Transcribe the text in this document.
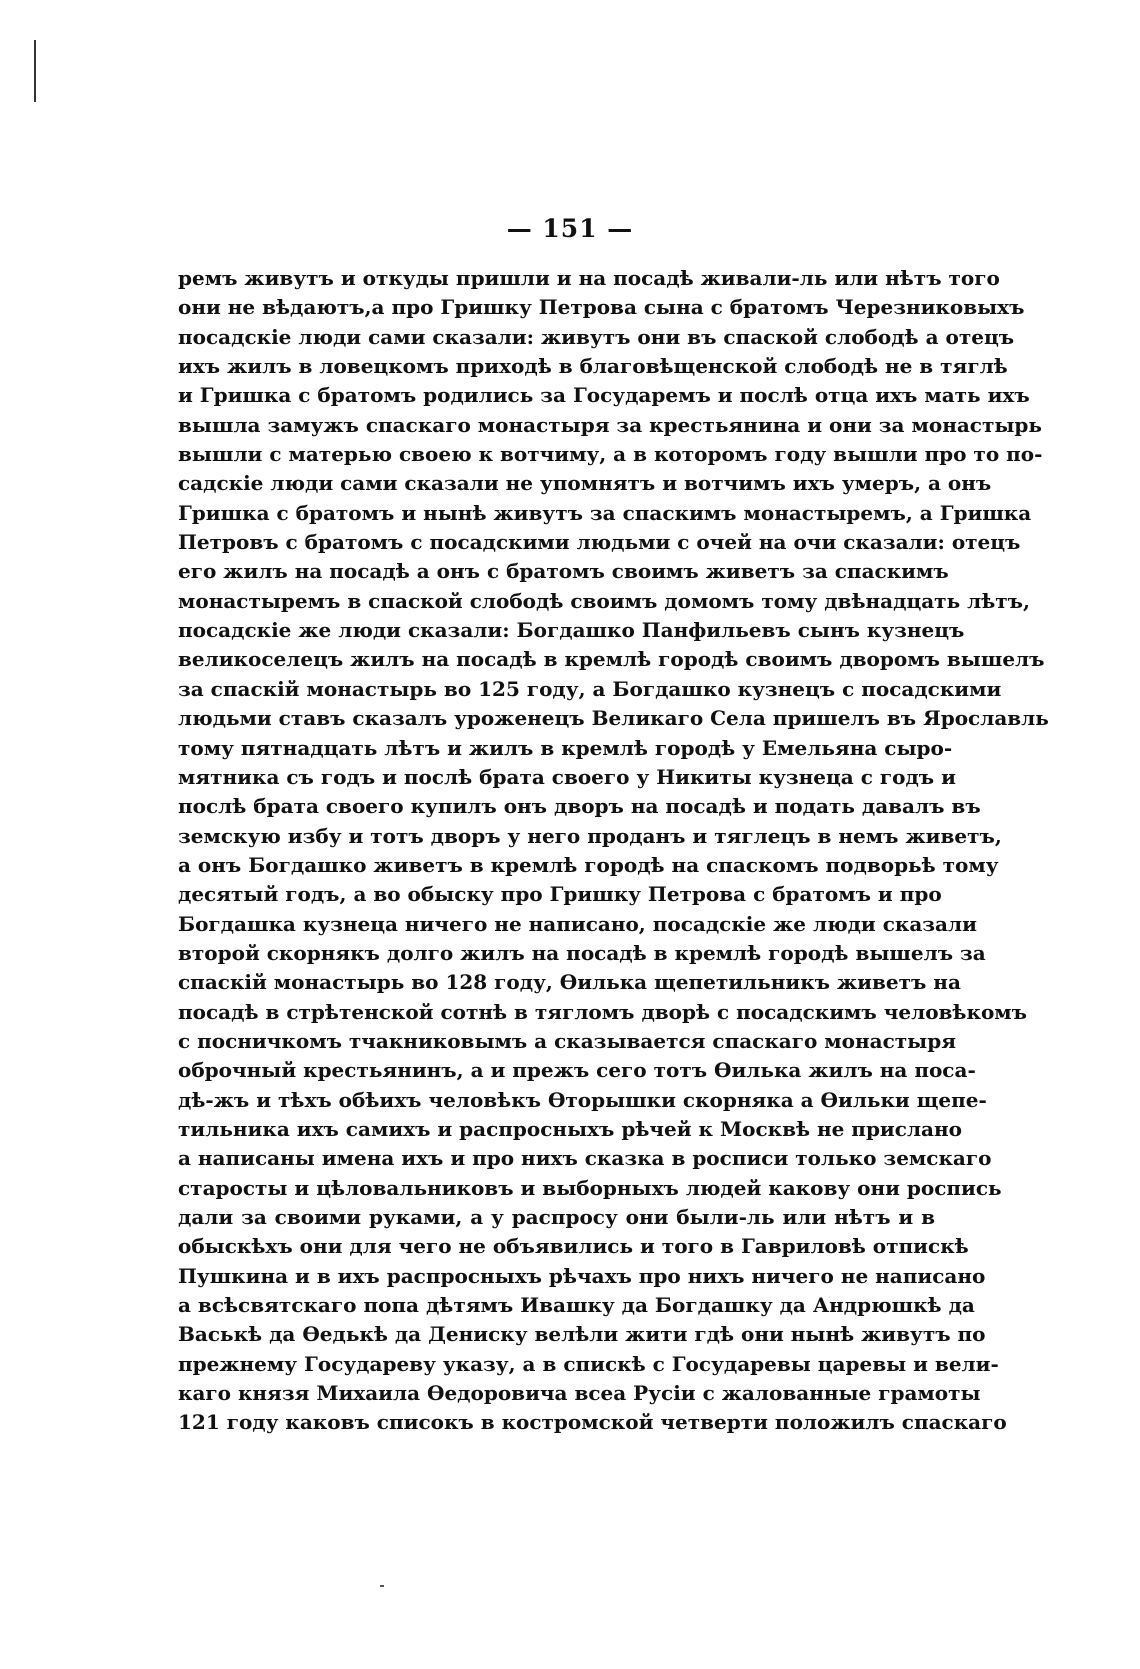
— 151 —
ремъ живутъ и откуды пришли и на посадѣ живали-ль или нѣтъ того
они не вѣдаютъ,а про Гришку Петрова сына с братомъ Черезниковыхъ
посадскіе люди сами сказали: живутъ они въ спаской слободѣ а отецъ
ихъ жилъ в ловецкомъ приходѣ в благовѣщенской слободѣ не в тяглѣ
и Гришка с братомъ родились за Государемъ и послѣ отца ихъ мать ихъ
вышла замужъ спаскаго монастыря за крестьянина и они за монастырь
вышли с матерью своею к вотчиму, а в которомъ году вышли про то по-
садскіе люди сами сказали не упомнятъ и вотчимъ ихъ умеръ, а онъ
Гришка с братомъ и нынѣ живутъ за спаскимъ монастыремъ, а Гришка
Петровъ с братомъ с посадскими людьми с очей на очи сказали: отецъ
его жилъ на посадѣ а онъ с братомъ своимъ живетъ за спаскимъ
монастыремъ в спаской слободѣ своимъ домомъ тому двѣнадцать лѣтъ,
посадскіе же люди сказали: Богдашко Панфильевъ сынъ кузнецъ
великоселецъ жилъ на посадѣ в кремлѣ городѣ своимъ дворомъ вышелъ
за спаскій монастырь во 125 году, а Богдашко кузнецъ с посадскими
людьми ставъ сказалъ уроженецъ Великаго Села пришелъ въ Ярославль
тому пятнадцать лѣтъ и жилъ в кремлѣ городѣ у Емельяна сыро-
мятника съ годъ и послѣ брата своего у Никиты кузнеца с годъ и
послѣ брата своего купилъ онъ дворъ на посадѣ и подать давалъ въ
земскую избу и тотъ дворъ у него проданъ и тяглецъ в немъ живетъ,
а онъ Богдашко живетъ в кремлѣ городѣ на спаскомъ подворьѣ тому
десятый годъ, а во обыску про Гришку Петрова с братомъ и про
Богдашка кузнеца ничего не написано, посадскіе же люди сказали
второй скорнякъ долго жилъ на посадѣ в кремлѣ городѣ вышелъ за
спаскій монастырь во 128 году, Ѳилька щепетильникъ живетъ на
посадѣ в стрѣтенской сотнѣ в тягломъ дворѣ с посадскимъ человѣкомъ
с посничкомъ тчакниковымъ а сказывается спаскаго монастыря
оброчный крестьянинъ, а и прежъ сего тотъ Ѳилька жилъ на поса-
дѣ-жъ и тѣхъ обѣихъ человѣкъ Ѳторышки скорняка а Ѳильки щепе-
тильника ихъ самихъ и распросныхъ рѣчей к Москвѣ не прислано
а написаны имена ихъ и про нихъ сказка в росписи только земскаго
старосты и цѣловальниковъ и выборныхъ людей какову они роспись
дали за своими руками, а у распросу они были-ль или нѣтъ и в
обыскѣхъ они для чего не объявились и того в Гавриловѣ отпискѣ
Пушкина и в ихъ распросныхъ рѣчахъ про нихъ ничего не написано
а всѣсвятскаго попа дѣтямъ Ивашку да Богдашку да Андрюшкѣ да
Васькѣ да Ѳедькѣ да Дениску велѣли жити гдѣ они нынѣ живутъ по
прежнему Государеву указу, а в спискѣ с Государевы царевы и вели-
каго князя Михаила Ѳедоровича всеа Русіи с жалованные грамоты
121 году каковъ списокъ в костромской четверти положилъ спаскаго
